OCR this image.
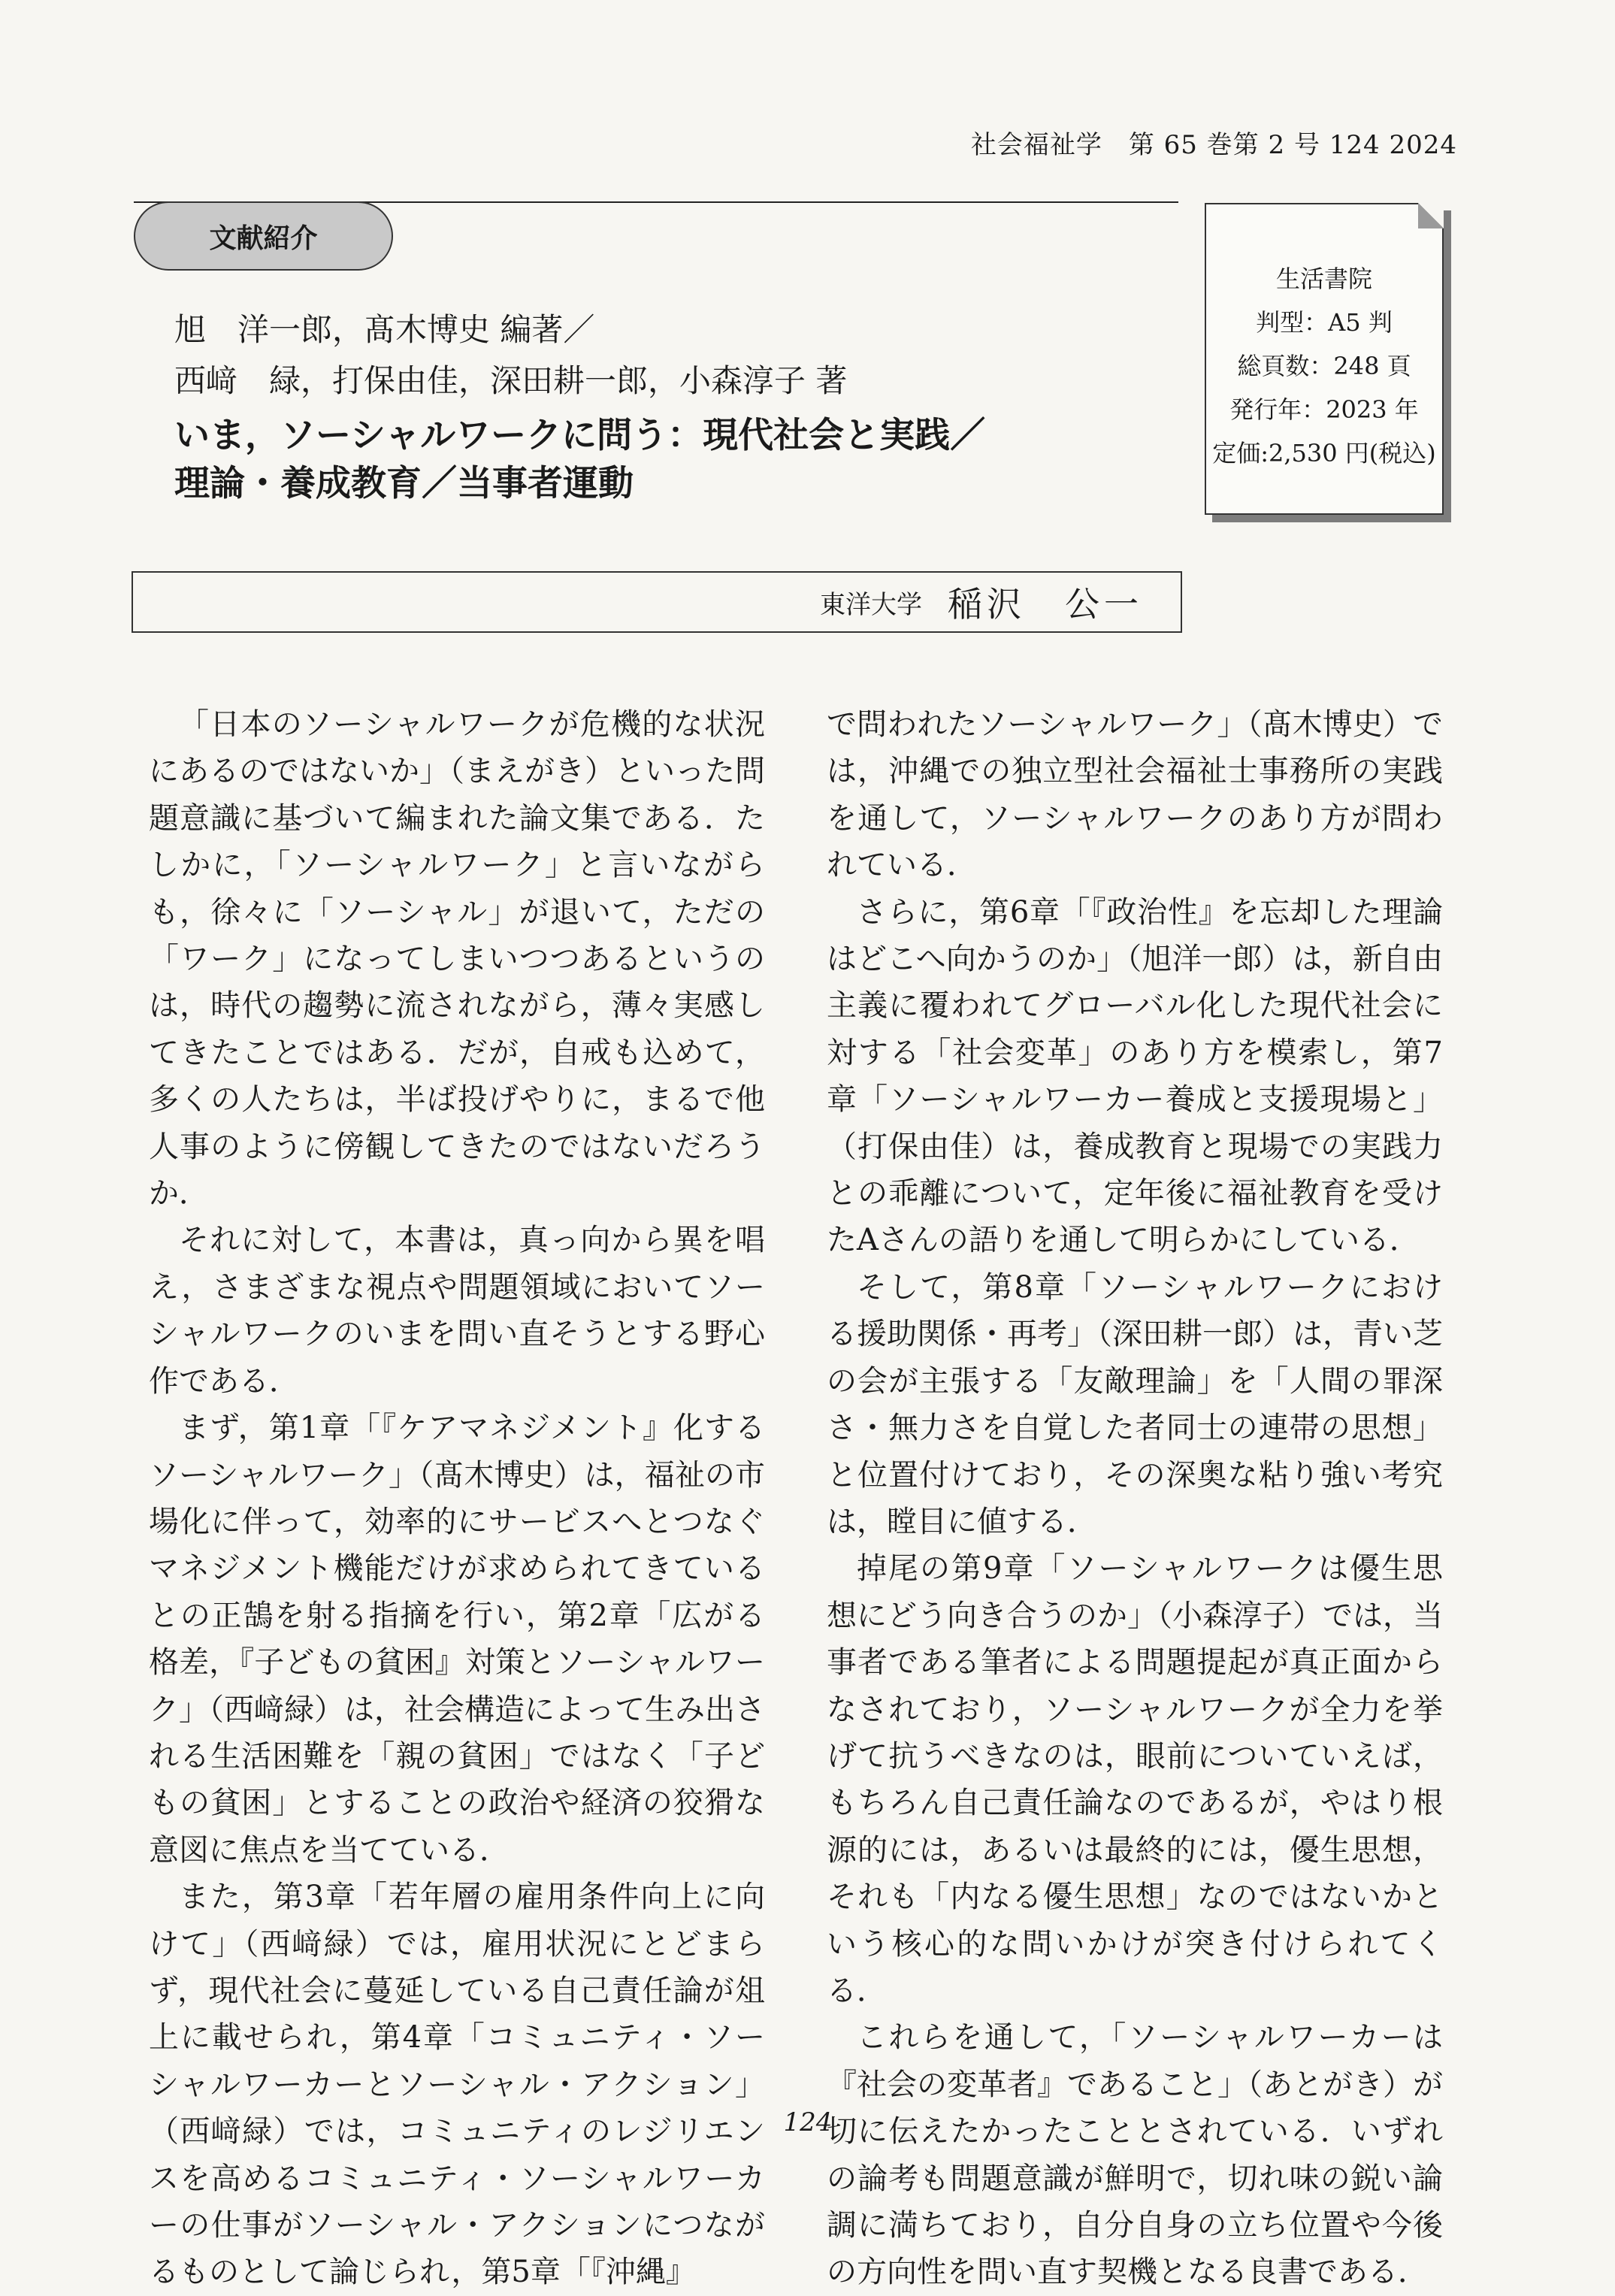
社会福祉学　第 65 巻第 2 号 124 2024
文献紹介
旭　洋一郎，髙木博史 編著／
西﨑　緑，打保由佳，深田耕一郎，小森淳子 著
いま，ソーシャルワークに問う：現代社会と実践／
理論・養成教育／当事者運動
生活書院
判型：A5 判
総頁数：248 頁
発行年：2023 年
定価:2,530 円(税込)
東洋大学 稲沢　公一

「日本のソーシャルワークが危機的な状況にあるのではないか」（まえがき）といった問題意識に基づいて編まれた論文集である．たしかに，「ソーシャルワーク」と言いながらも，徐々に「ソーシャル」が退いて，ただの「ワーク」になってしまいつつあるというのは，時代の趨勢に流されながら，薄々実感してきたことではある．だが，自戒も込めて，多くの人たちは，半ば投げやりに，まるで他人事のように傍観してきたのではないだろうか．

それに対して，本書は，真っ向から異を唱え，さまざまな視点や問題領域においてソーシャルワークのいまを問い直そうとする野心作である．

まず，第1章「『ケアマネジメント』化するソーシャルワーク」（髙木博史）は，福祉の市場化に伴って，効率的にサービスへとつなぐマネジメント機能だけが求められてきているとの正鵠を射る指摘を行い，第2章「広がる格差，『子どもの貧困』対策とソーシャルワーク」（西﨑緑）は，社会構造によって生み出される生活困難を「親の貧困」ではなく「子どもの貧困」とすることの政治や経済の狡猾な意図に焦点を当てている．

また，第3章「若年層の雇用条件向上に向けて」（西﨑緑）では，雇用状況にとどまらず，現代社会に蔓延している自己責任論が俎上に載せられ，第4章「コミュニティ・ソーシャルワーカーとソーシャル・アクション」（西﨑緑）では，コミュニティのレジリエンスを高めるコミュニティ・ソーシャルワーカーの仕事がソーシャル・アクションにつながるものとして論じられ，第5章「『沖縄』

で問われたソーシャルワーク」（髙木博史）では，沖縄での独立型社会福祉士事務所の実践を通して，ソーシャルワークのあり方が問われている．

さらに，第6章「『政治性』を忘却した理論はどこへ向かうのか」（旭洋一郎）は，新自由主義に覆われてグローバル化した現代社会に対する「社会変革」のあり方を模索し，第7章「ソーシャルワーカー養成と支援現場と」（打保由佳）は，養成教育と現場での実践力との乖離について，定年後に福祉教育を受けたAさんの語りを通して明らかにしている．

そして，第8章「ソーシャルワークにおける援助関係・再考」（深田耕一郎）は，青い芝の会が主張する「友敵理論」を「人間の罪深さ・無力さを自覚した者同士の連帯の思想」と位置付けており，その深奥な粘り強い考究は，瞠目に値する．

掉尾の第9章「ソーシャルワークは優生思想にどう向き合うのか」（小森淳子）では，当事者である筆者による問題提起が真正面からなされており，ソーシャルワークが全力を挙げて抗うべきなのは，眼前についていえば，もちろん自己責任論なのであるが，やはり根源的には，あるいは最終的には，優生思想，それも「内なる優生思想」なのではないかという核心的な問いかけが突き付けられてくる．

これらを通して，「ソーシャルワーカーは『社会の変革者』であること」（あとがき）が切に伝えたかったこととされている．いずれの論考も問題意識が鮮明で，切れ味の鋭い論調に満ちており，自分自身の立ち位置や今後の方向性を問い直す契機となる良書である．

124
